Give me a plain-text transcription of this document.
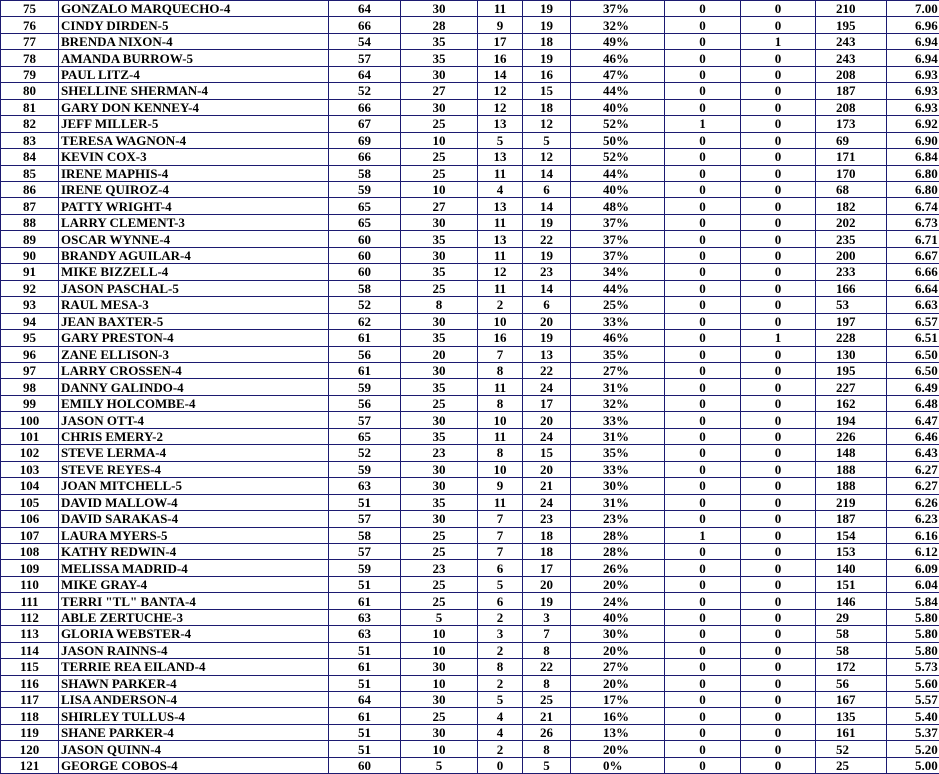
75	GONZALO MARQUECHO-4	64	30	11	19	37%	0	0	210	7.00
76	CINDY DIRDEN-5	66	28	9	19	32%	0	0	195	6.96
77	BRENDA NIXON-4	54	35	17	18	49%	0	1	243	6.94
78	AMANDA BURROW-5	57	35	16	19	46%	0	0	243	6.94
79	PAUL LITZ-4	64	30	14	16	47%	0	0	208	6.93
80	SHELLINE SHERMAN-4	52	27	12	15	44%	0	0	187	6.93
81	GARY DON KENNEY-4	66	30	12	18	40%	0	0	208	6.93
82	JEFF MILLER-5	67	25	13	12	52%	1	0	173	6.92
83	TERESA WAGNON-4	69	10	5	5	50%	0	0	69	6.90
84	KEVIN COX-3	66	25	13	12	52%	0	0	171	6.84
85	IRENE MAPHIS-4	58	25	11	14	44%	0	0	170	6.80
86	IRENE QUIROZ-4	59	10	4	6	40%	0	0	68	6.80
87	PATTY WRIGHT-4	65	27	13	14	48%	0	0	182	6.74
88	LARRY CLEMENT-3	65	30	11	19	37%	0	0	202	6.73
89	OSCAR WYNNE-4	60	35	13	22	37%	0	0	235	6.71
90	BRANDY AGUILAR-4	60	30	11	19	37%	0	0	200	6.67
91	MIKE BIZZELL-4	60	35	12	23	34%	0	0	233	6.66
92	JASON PASCHAL-5	58	25	11	14	44%	0	0	166	6.64
93	RAUL MESA-3	52	8	2	6	25%	0	0	53	6.63
94	JEAN BAXTER-5	62	30	10	20	33%	0	0	197	6.57
95	GARY PRESTON-4	61	35	16	19	46%	0	1	228	6.51
96	ZANE ELLISON-3	56	20	7	13	35%	0	0	130	6.50
97	LARRY CROSSEN-4	61	30	8	22	27%	0	0	195	6.50
98	DANNY GALINDO-4	59	35	11	24	31%	0	0	227	6.49
99	EMILY HOLCOMBE-4	56	25	8	17	32%	0	0	162	6.48
100	JASON OTT-4	57	30	10	20	33%	0	0	194	6.47
101	CHRIS EMERY-2	65	35	11	24	31%	0	0	226	6.46
102	STEVE LERMA-4	52	23	8	15	35%	0	0	148	6.43
103	STEVE REYES-4	59	30	10	20	33%	0	0	188	6.27
104	JOAN MITCHELL-5	63	30	9	21	30%	0	0	188	6.27
105	DAVID MALLOW-4	51	35	11	24	31%	0	0	219	6.26
106	DAVID SARAKAS-4	57	30	7	23	23%	0	0	187	6.23
107	LAURA MYERS-5	58	25	7	18	28%	1	0	154	6.16
108	KATHY REDWIN-4	57	25	7	18	28%	0	0	153	6.12
109	MELISSA MADRID-4	59	23	6	17	26%	0	0	140	6.09
110	MIKE GRAY-4	51	25	5	20	20%	0	0	151	6.04
111	TERRI "TL" BANTA-4	61	25	6	19	24%	0	0	146	5.84
112	ABLE ZERTUCHE-3	63	5	2	3	40%	0	0	29	5.80
113	GLORIA WEBSTER-4	63	10	3	7	30%	0	0	58	5.80
114	JASON RAINNS-4	51	10	2	8	20%	0	0	58	5.80
115	TERRIE REA EILAND-4	61	30	8	22	27%	0	0	172	5.73
116	SHAWN PARKER-4	51	10	2	8	20%	0	0	56	5.60
117	LISA ANDERSON-4	64	30	5	25	17%	0	0	167	5.57
118	SHIRLEY TULLUS-4	61	25	4	21	16%	0	0	135	5.40
119	SHANE PARKER-4	51	30	4	26	13%	0	0	161	5.37
120	JASON QUINN-4	51	10	2	8	20%	0	0	52	5.20
121	GEORGE COBOS-4	60	5	0	5	0%	0	0	25	5.00
